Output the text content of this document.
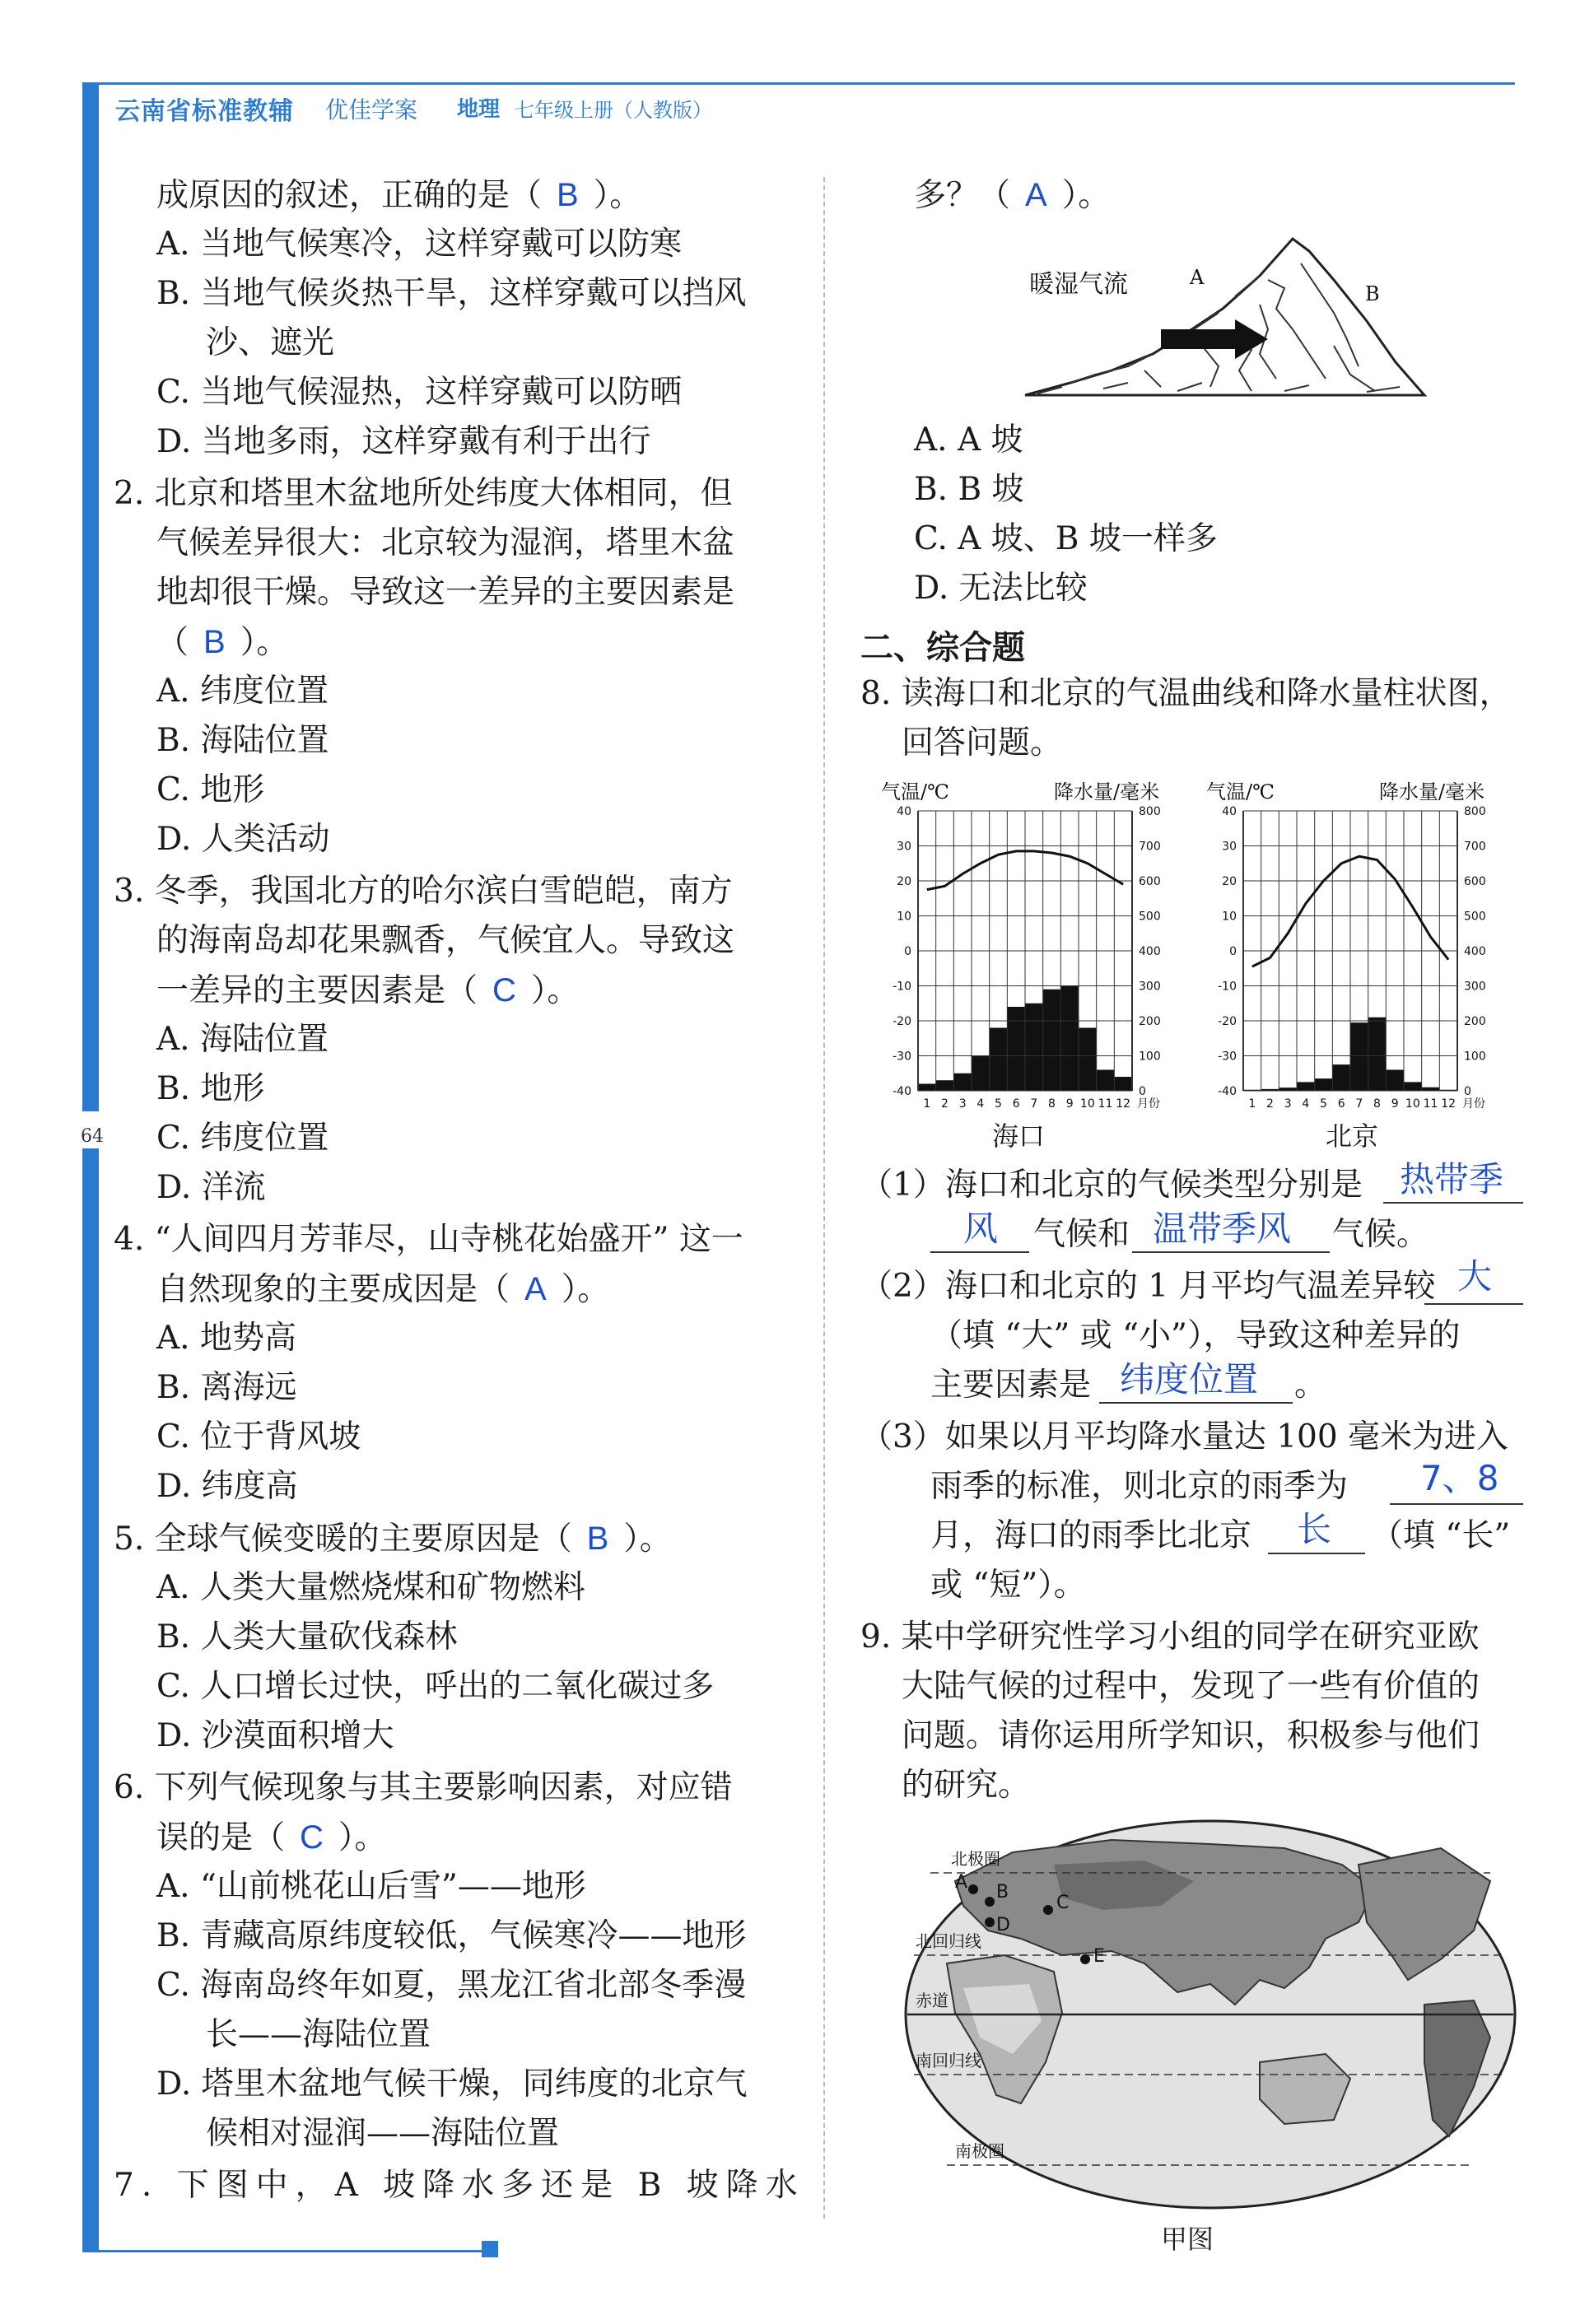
云南省标准教辅 优佳学案 地理 七年级上册（人教版）
64
成原因的叙述，正确的是（ B ）。
A. 当地气候寒冷，这样穿戴可以防寒
B. 当地气候炎热干旱，这样穿戴可以挡风
沙、遮光
C. 当地气候湿热，这样穿戴可以防晒
D. 当地多雨，这样穿戴有利于出行
2. 北京和塔里木盆地所处纬度大体相同，但
气候差异很大：北京较为湿润，塔里木盆
地却很干燥。导致这一差异的主要因素是
（ B ）。
A. 纬度位置
B. 海陆位置
C. 地形
D. 人类活动
3. 冬季，我国北方的哈尔滨白雪皑皑，南方
的海南岛却花果飘香，气候宜人。导致这
一差异的主要因素是（ C ）。
A. 海陆位置
B. 地形
C. 纬度位置
D. 洋流
4. “人间四月芳菲尽，山寺桃花始盛开” 这一
自然现象的主要成因是（ A ）。
A. 地势高
B. 离海远
C. 位于背风坡
D. 纬度高
5. 全球气候变暖的主要原因是（ B ）。
A. 人类大量燃烧煤和矿物燃料
B. 人类大量砍伐森林
C. 人口增长过快，呼出的二氧化碳过多
D. 沙漠面积增大
6. 下列气候现象与其主要影响因素，对应错
误的是（ C ）。
A. “山前桃花山后雪”——地形
B. 青藏高原纬度较低，气候寒冷——地形
C. 海南岛终年如夏，黑龙江省北部冬季漫
长——海陆位置
D. 塔里木盆地气候干燥，同纬度的北京气
候相对湿润——海陆位置
7. 下图中，A 坡降水多还是 B 坡降水
多？（ A ）。
暖湿气流	A
B
A. A 坡
B. B 坡
C. A 坡、B 坡一样多
D. 无法比较
二、综合题
8. 读海口和北京的气温曲线和降水量柱状图，
回答问题。
气温/℃	降水量/毫米
-40
-30
-20
-10
0
10
20
30
40
0
100
200
300
400
500
600
700
800
1 2 3 4 5 6 7 8 9 10 11 12 月份
气温/℃	降水量/毫米
-40
-30
-20
-10
0
10
20
30
40
0
100
200
300
400
500
600
700
800
1 2 3 4 5 6 7 8 9 10 11 12 月份
海口	北京
（1）海口和北京的气候类型分别是 热带季
风 气候和 温带季风 气候。
（2）海口和北京的 1 月平均气温差异较 大
（填 “大” 或 “小”），导致这种差异的
主要因素是 纬度位置 。
（3）如果以月平均降水量达 100 毫米为进入
雨季的标准，则北京的雨季为 7、8
月，海口的雨季比北京 长 （填 “长”
或 “短”）。
9. 某中学研究性学习小组的同学在研究亚欧
大陆气候的过程中，发现了一些有价值的
问题。请你运用所学知识，积极参与他们
的研究。
北极圈
北回归线
赤道
南回归线
南极圈
A B
C
D
E
甲图
